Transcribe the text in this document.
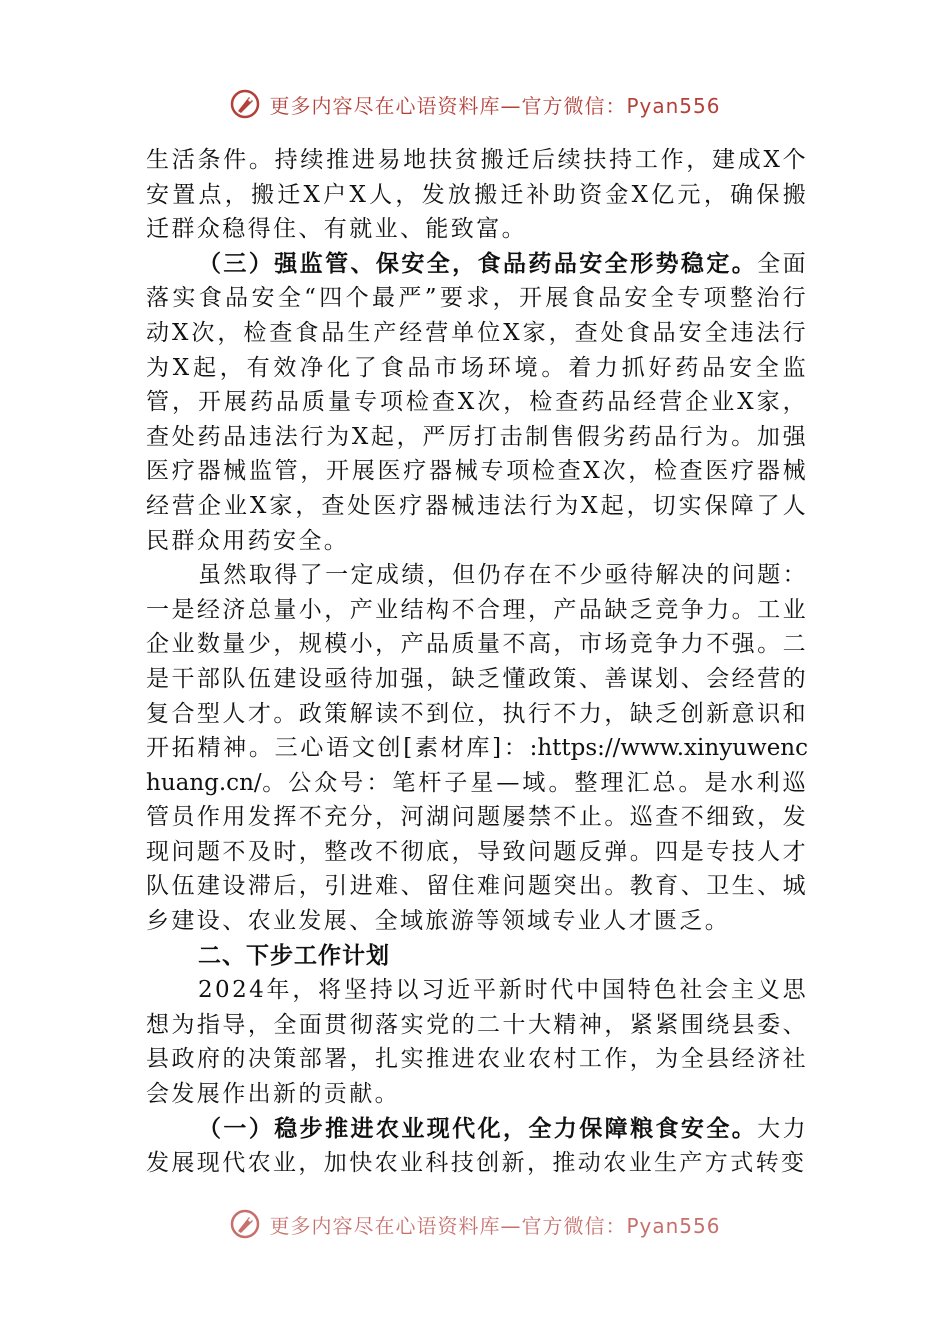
更多内容尽在心语资料库—官方微信：Pyan556

生活条件。持续推进易地扶贫搬迁后续扶持工作，建成X个安置点，搬迁X户X人，发放搬迁补助资金X亿元，确保搬迁群众稳得住、有就业、能致富。

（三）强监管、保安全，食品药品安全形势稳定。全面落实食品安全“四个最严”要求，开展食品安全专项整治行动X次，检查食品生产经营单位X家，查处食品安全违法行为X起，有效净化了食品市场环境。着力抓好药品安全监管，开展药品质量专项检查X次，检查药品经营企业X家，查处药品违法行为X起，严厉打击制售假劣药品行为。加强医疗器械监管，开展医疗器械专项检查X次，检查医疗器械经营企业X家，查处医疗器械违法行为X起，切实保障了人民群众用药安全。

虽然取得了一定成绩，但仍存在不少亟待解决的问题：一是经济总量小，产业结构不合理，产品缺乏竞争力。工业企业数量少，规模小，产品质量不高，市场竞争力不强。二是干部队伍建设亟待加强，缺乏懂政策、善谋划、会经营的复合型人才。政策解读不到位，执行不力，缺乏创新意识和开拓精神。三心语文创[素材库]：:https://www.xinyuwenchuang.cn/。公众号：笔杆子星—域。整理汇总。是水利巡管员作用发挥不充分，河湖问题屡禁不止。巡查不细致，发现问题不及时，整改不彻底，导致问题反弹。四是专技人才队伍建设滞后，引进难、留住难问题突出。教育、卫生、城乡建设、农业发展、全域旅游等领域专业人才匮乏。

二、下步工作计划

2024年，将坚持以习近平新时代中国特色社会主义思想为指导，全面贯彻落实党的二十大精神，紧紧围绕县委、县政府的决策部署，扎实推进农业农村工作，为全县经济社会发展作出新的贡献。

（一）稳步推进农业现代化，全力保障粮食安全。大力发展现代农业，加快农业科技创新，推动农业生产方式转变

更多内容尽在心语资料库—官方微信：Pyan556
